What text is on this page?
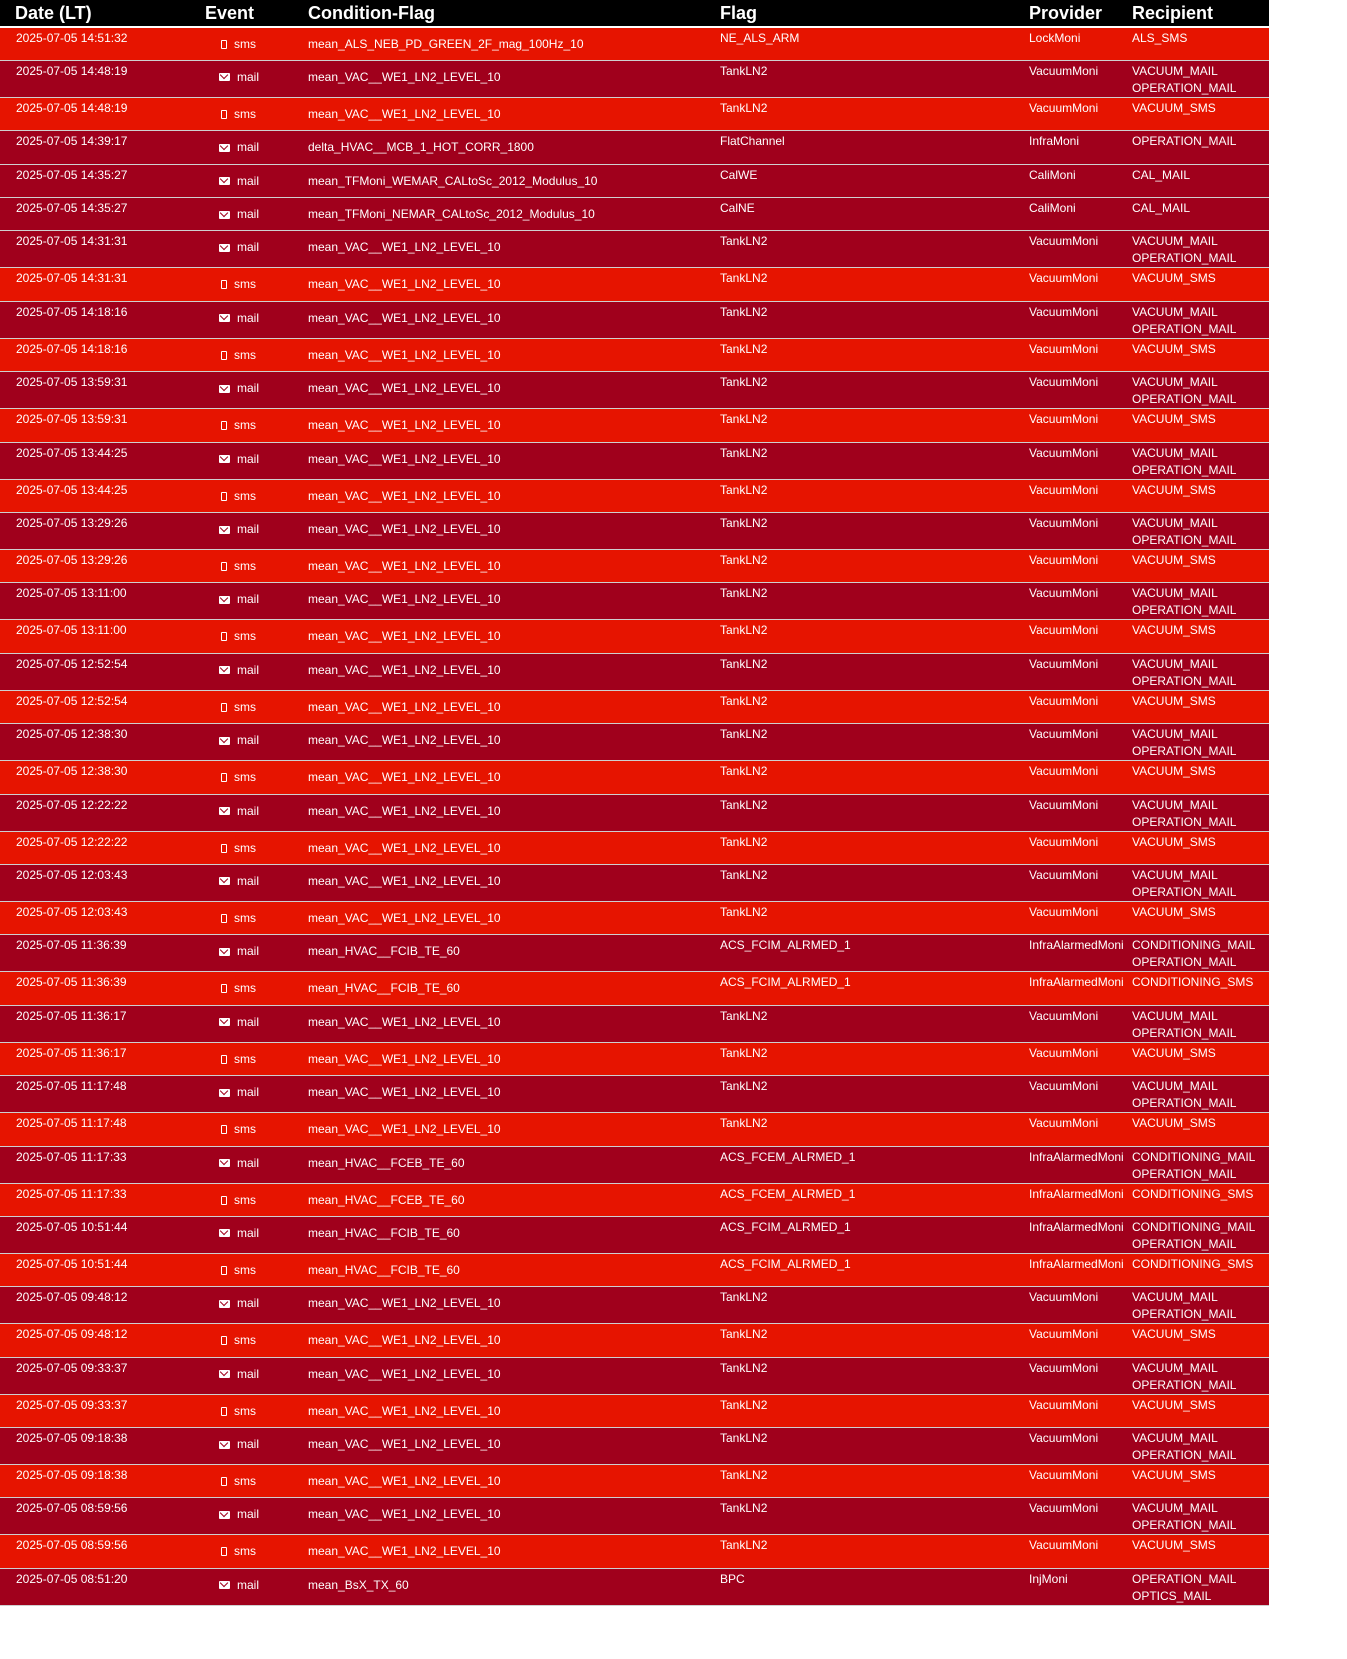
Date (LT)	Event	Condition-Flag	Flag	Provider	Recipient
2025-07-05 14:51:32	sms	mean_ALS_NEB_PD_GREEN_2F_mag_100Hz_10	NE_ALS_ARM	LockMoni	ALS_SMS

2025-07-05 14:48:19	mail	mean_VAC__WE1_LN2_LEVEL_10	TankLN2	VacuumMoni	VACUUM_MAIL
OPERATION_MAIL

2025-07-05 14:48:19	sms	mean_VAC__WE1_LN2_LEVEL_10	TankLN2	VacuumMoni	VACUUM_SMS

2025-07-05 14:39:17	mail	delta_HVAC__MCB_1_HOT_CORR_1800	FlatChannel	InfraMoni	OPERATION_MAIL

2025-07-05 14:35:27	mail	mean_TFMoni_WEMAR_CALtoSc_2012_Modulus_10	CalWE	CaliMoni	CAL_MAIL

2025-07-05 14:35:27	mail	mean_TFMoni_NEMAR_CALtoSc_2012_Modulus_10	CalNE	CaliMoni	CAL_MAIL

2025-07-05 14:31:31	mail	mean_VAC__WE1_LN2_LEVEL_10	TankLN2	VacuumMoni	VACUUM_MAIL
OPERATION_MAIL

2025-07-05 14:31:31	sms	mean_VAC__WE1_LN2_LEVEL_10	TankLN2	VacuumMoni	VACUUM_SMS

2025-07-05 14:18:16	mail	mean_VAC__WE1_LN2_LEVEL_10	TankLN2	VacuumMoni	VACUUM_MAIL
OPERATION_MAIL

2025-07-05 14:18:16	sms	mean_VAC__WE1_LN2_LEVEL_10	TankLN2	VacuumMoni	VACUUM_SMS

2025-07-05 13:59:31	mail	mean_VAC__WE1_LN2_LEVEL_10	TankLN2	VacuumMoni	VACUUM_MAIL
OPERATION_MAIL

2025-07-05 13:59:31	sms	mean_VAC__WE1_LN2_LEVEL_10	TankLN2	VacuumMoni	VACUUM_SMS

2025-07-05 13:44:25	mail	mean_VAC__WE1_LN2_LEVEL_10	TankLN2	VacuumMoni	VACUUM_MAIL
OPERATION_MAIL

2025-07-05 13:44:25	sms	mean_VAC__WE1_LN2_LEVEL_10	TankLN2	VacuumMoni	VACUUM_SMS

2025-07-05 13:29:26	mail	mean_VAC__WE1_LN2_LEVEL_10	TankLN2	VacuumMoni	VACUUM_MAIL
OPERATION_MAIL

2025-07-05 13:29:26	sms	mean_VAC__WE1_LN2_LEVEL_10	TankLN2	VacuumMoni	VACUUM_SMS

2025-07-05 13:11:00	mail	mean_VAC__WE1_LN2_LEVEL_10	TankLN2	VacuumMoni	VACUUM_MAIL
OPERATION_MAIL

2025-07-05 13:11:00	sms	mean_VAC__WE1_LN2_LEVEL_10	TankLN2	VacuumMoni	VACUUM_SMS

2025-07-05 12:52:54	mail	mean_VAC__WE1_LN2_LEVEL_10	TankLN2	VacuumMoni	VACUUM_MAIL
OPERATION_MAIL

2025-07-05 12:52:54	sms	mean_VAC__WE1_LN2_LEVEL_10	TankLN2	VacuumMoni	VACUUM_SMS

2025-07-05 12:38:30	mail	mean_VAC__WE1_LN2_LEVEL_10	TankLN2	VacuumMoni	VACUUM_MAIL
OPERATION_MAIL

2025-07-05 12:38:30	sms	mean_VAC__WE1_LN2_LEVEL_10	TankLN2	VacuumMoni	VACUUM_SMS

2025-07-05 12:22:22	mail	mean_VAC__WE1_LN2_LEVEL_10	TankLN2	VacuumMoni	VACUUM_MAIL
OPERATION_MAIL

2025-07-05 12:22:22	sms	mean_VAC__WE1_LN2_LEVEL_10	TankLN2	VacuumMoni	VACUUM_SMS

2025-07-05 12:03:43	mail	mean_VAC__WE1_LN2_LEVEL_10	TankLN2	VacuumMoni	VACUUM_MAIL
OPERATION_MAIL

2025-07-05 12:03:43	sms	mean_VAC__WE1_LN2_LEVEL_10	TankLN2	VacuumMoni	VACUUM_SMS

2025-07-05 11:36:39	mail	mean_HVAC__FCIB_TE_60	ACS_FCIM_ALRMED_1	InfraAlarmedMoni	CONDITIONING_MAIL
OPERATION_MAIL

2025-07-05 11:36:39	sms	mean_HVAC__FCIB_TE_60	ACS_FCIM_ALRMED_1	InfraAlarmedMoni	CONDITIONING_SMS

2025-07-05 11:36:17	mail	mean_VAC__WE1_LN2_LEVEL_10	TankLN2	VacuumMoni	VACUUM_MAIL
OPERATION_MAIL

2025-07-05 11:36:17	sms	mean_VAC__WE1_LN2_LEVEL_10	TankLN2	VacuumMoni	VACUUM_SMS

2025-07-05 11:17:48	mail	mean_VAC__WE1_LN2_LEVEL_10	TankLN2	VacuumMoni	VACUUM_MAIL
OPERATION_MAIL

2025-07-05 11:17:48	sms	mean_VAC__WE1_LN2_LEVEL_10	TankLN2	VacuumMoni	VACUUM_SMS

2025-07-05 11:17:33	mail	mean_HVAC__FCEB_TE_60	ACS_FCEM_ALRMED_1	InfraAlarmedMoni	CONDITIONING_MAIL
OPERATION_MAIL

2025-07-05 11:17:33	sms	mean_HVAC__FCEB_TE_60	ACS_FCEM_ALRMED_1	InfraAlarmedMoni	CONDITIONING_SMS

2025-07-05 10:51:44	mail	mean_HVAC__FCIB_TE_60	ACS_FCIM_ALRMED_1	InfraAlarmedMoni	CONDITIONING_MAIL
OPERATION_MAIL

2025-07-05 10:51:44	sms	mean_HVAC__FCIB_TE_60	ACS_FCIM_ALRMED_1	InfraAlarmedMoni	CONDITIONING_SMS

2025-07-05 09:48:12	mail	mean_VAC__WE1_LN2_LEVEL_10	TankLN2	VacuumMoni	VACUUM_MAIL
OPERATION_MAIL

2025-07-05 09:48:12	sms	mean_VAC__WE1_LN2_LEVEL_10	TankLN2	VacuumMoni	VACUUM_SMS

2025-07-05 09:33:37	mail	mean_VAC__WE1_LN2_LEVEL_10	TankLN2	VacuumMoni	VACUUM_MAIL
OPERATION_MAIL

2025-07-05 09:33:37	sms	mean_VAC__WE1_LN2_LEVEL_10	TankLN2	VacuumMoni	VACUUM_SMS

2025-07-05 09:18:38	mail	mean_VAC__WE1_LN2_LEVEL_10	TankLN2	VacuumMoni	VACUUM_MAIL
OPERATION_MAIL

2025-07-05 09:18:38	sms	mean_VAC__WE1_LN2_LEVEL_10	TankLN2	VacuumMoni	VACUUM_SMS

2025-07-05 08:59:56	mail	mean_VAC__WE1_LN2_LEVEL_10	TankLN2	VacuumMoni	VACUUM_MAIL
OPERATION_MAIL

2025-07-05 08:59:56	sms	mean_VAC__WE1_LN2_LEVEL_10	TankLN2	VacuumMoni	VACUUM_SMS

2025-07-05 08:51:20	mail	mean_BsX_TX_60	BPC	InjMoni	OPERATION_MAIL
OPTICS_MAIL
